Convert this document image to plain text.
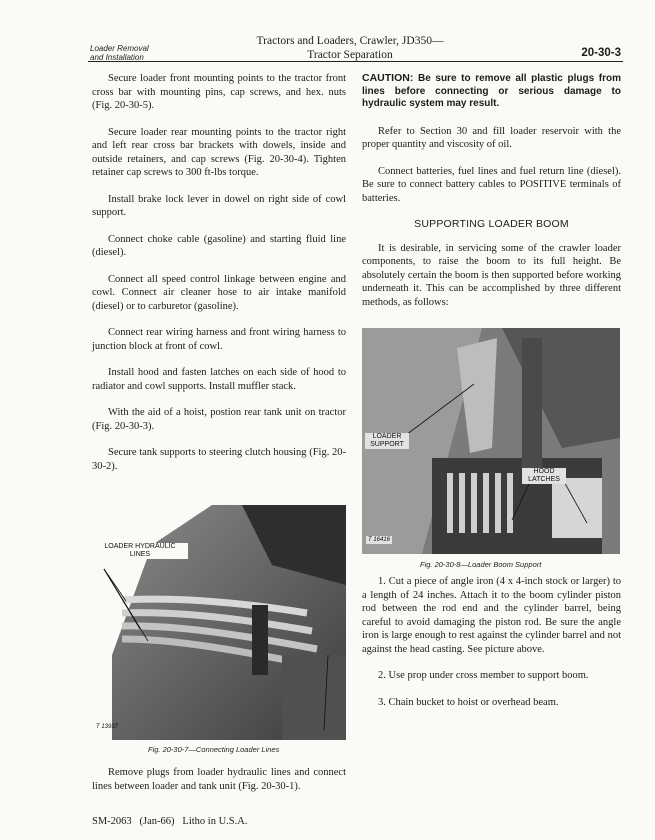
Loader Removal
and Installation
Tractors and Loaders, Crawler, JD350—
Tractor Separation	20-30-3

Secure loader front mounting points to the tractor front cross bar with mounting pins, cap screws, and hex. nuts (Fig. 20-30-5).

Secure loader rear mounting points to the tractor right and left rear cross bar brackets with dowels, inside and outside retainers, and cap screws (Fig. 20-30-4). Tighten retainer cap screws to 300 ft-lbs torque.

Install brake lock lever in dowel on right side of cowl support.

Connect choke cable (gasoline) and starting fluid line (diesel).

Connect all speed control linkage between engine and cowl. Connect air cleaner hose to air intake manifold (diesel) or to carburetor (gasoline).

Connect rear wiring harness and front wiring harness to junction block at front of cowl.

Install hood and fasten latches on each side of hood to radiator and cowl supports. Install muffler stack.

With the aid of a hoist, postion rear tank unit on tractor (Fig. 20-30-3).

Secure tank supports to steering clutch housing (Fig. 20-30-2).

LOADER HYDRAULIC
LINES
T 13937
Fig. 20-30-7—Connecting Loader Lines

Remove plugs from loader hydraulic lines and connect lines between loader and tank unit (Fig. 20-30-1).

CAUTION: Be sure to remove all plastic plugs from lines before connecting or serious damage to hydraulic system may result.

Refer to Section 30 and fill loader reservoir with the proper quantity and viscosity of oil.

Connect batteries, fuel lines and fuel return line (diesel). Be sure to connect battery cables to POSITIVE terminals of batteries.

SUPPORTING LOADER BOOM

It is desirable, in servicing some of the crawler loader components, to raise the boom to its full height. Be absolutely certain the boom is then supported before working underneath it. This can be accomplished by three different methods, as follows:

LOADER
SUPPORT
HOOD
LATCHES
T 16416
Fig. 20-30-8—Loader Boom Support

1. Cut a piece of angle iron (4 x 4-inch stock or larger) to a length of 24 inches. Attach it to the boom cylinder piston rod between the rod end and the cylinder barrel, being careful to avoid damaging the piston rod. Be sure the angle iron is large enough to rest against the cylinder barrel and not against the head casting. See picture above.

2. Use prop under cross member to support boom.

3. Chain bucket to hoist or overhead beam.

SM-2063   (Jan-66)   Litho in U.S.A.
